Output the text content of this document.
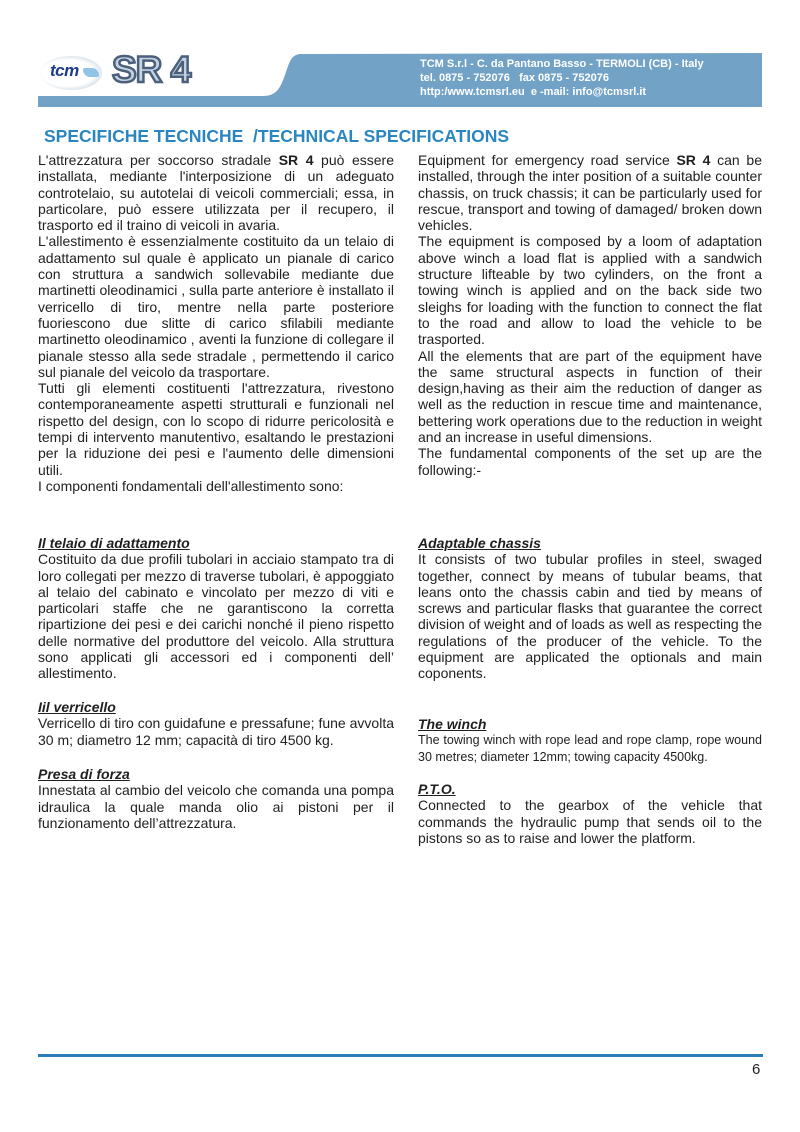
tcm SR 4	TCM S.r.l - C. da Pantano Basso - TERMOLI (CB) - Italy
tel. 0875 - 752076   fax 0875 - 752076
http:/www.tcmsrl.eu  e -mail: info@tcmsrl.it
SPECIFICHE TECNICHE  /TECHNICAL SPECIFICATIONS

L'attrezzatura per soccorso stradale SR 4 può essere installata, mediante l'interposizione di un adeguato controtelaio, su autotelai di veicoli commerciali; essa, in particolare, può essere utilizzata per il recupero, il trasporto ed il traino di veicoli in avaria.

L'allestimento è essenzialmente costituito da un telaio di adattamento sul quale è applicato un pianale di carico con struttura a sandwich sollevabile mediante due martinetti oleodinamici , sulla parte anteriore è installato il verricello di tiro, mentre nella parte posteriore fuoriescono due slitte di carico sfilabili mediante martinetto oleodinamico , aventi la funzione di collegare il pianale stesso alla sede stradale , permettendo il carico sul pianale del veicolo da trasportare.

Tutti gli elementi costituenti l'attrezzatura, rivestono contemporaneamente aspetti strutturali e funzionali nel rispetto del design, con lo scopo di ridurre pericolosità e tempi di intervento manutentivo, esaltando le prestazioni per la riduzione dei pesi e l'aumento delle dimensioni utili.

I componenti fondamentali dell'allestimento sono:

Il telaio di adattamento

Costituito da due profili tubolari in acciaio stampato tra di loro collegati per mezzo di traverse tubolari, è appoggiato al telaio del cabinato e vincolato per mezzo di viti e particolari staffe che ne garantiscono la corretta ripartizione dei pesi e dei carichi nonché il pieno rispetto delle normative del produttore del veicolo. Alla struttura sono applicati gli accessori ed i componenti dell’ allestimento.

Iil verricello

Verricello di tiro con guidafune e pressafune; fune avvolta 30 m; diametro 12 mm; capacità di tiro 4500 kg.

Presa di forza

Innestata al cambio del veicolo che comanda una pompa idraulica la quale manda olio ai pistoni per il funzionamento dell’attrezzatura.

Equipment for emergency road service SR 4 can be installed, through the inter position of a suitable counter chassis, on truck chassis; it can be particularly used for rescue, transport and towing of damaged/ broken down vehicles.

The equipment is composed by a loom of adaptation above winch a load flat is applied with a sandwich structure lifteable by two cylinders, on the front a towing winch is applied and on the back side two sleighs for loading with the function to connect the flat to the road and allow to load the vehicle to be trasported.

All the elements that are part of the equipment have the same structural aspects in function of their design,having as their aim the reduction of danger as well as the reduction in rescue time and maintenance, bettering work operations due to the reduction in weight and an increase in useful dimensions.

The fundamental components of the set up are the following:-

Adaptable chassis

It consists of two tubular profiles in steel, swaged together, connect by means of tubular beams, that leans onto the chassis cabin and tied by means of screws and particular flasks that guarantee the correct division of weight and of loads as well as respecting the regulations of the producer of the vehicle. To the equipment are applicated the optionals and main coponents.

The winch

The towing winch with rope lead and rope clamp, rope wound 30 metres; diameter 12mm; towing capacity 4500kg.

P.T.O.

Connected to the gearbox of the vehicle that commands the hydraulic pump that sends oil to the pistons so as to raise and lower the platform.

6
